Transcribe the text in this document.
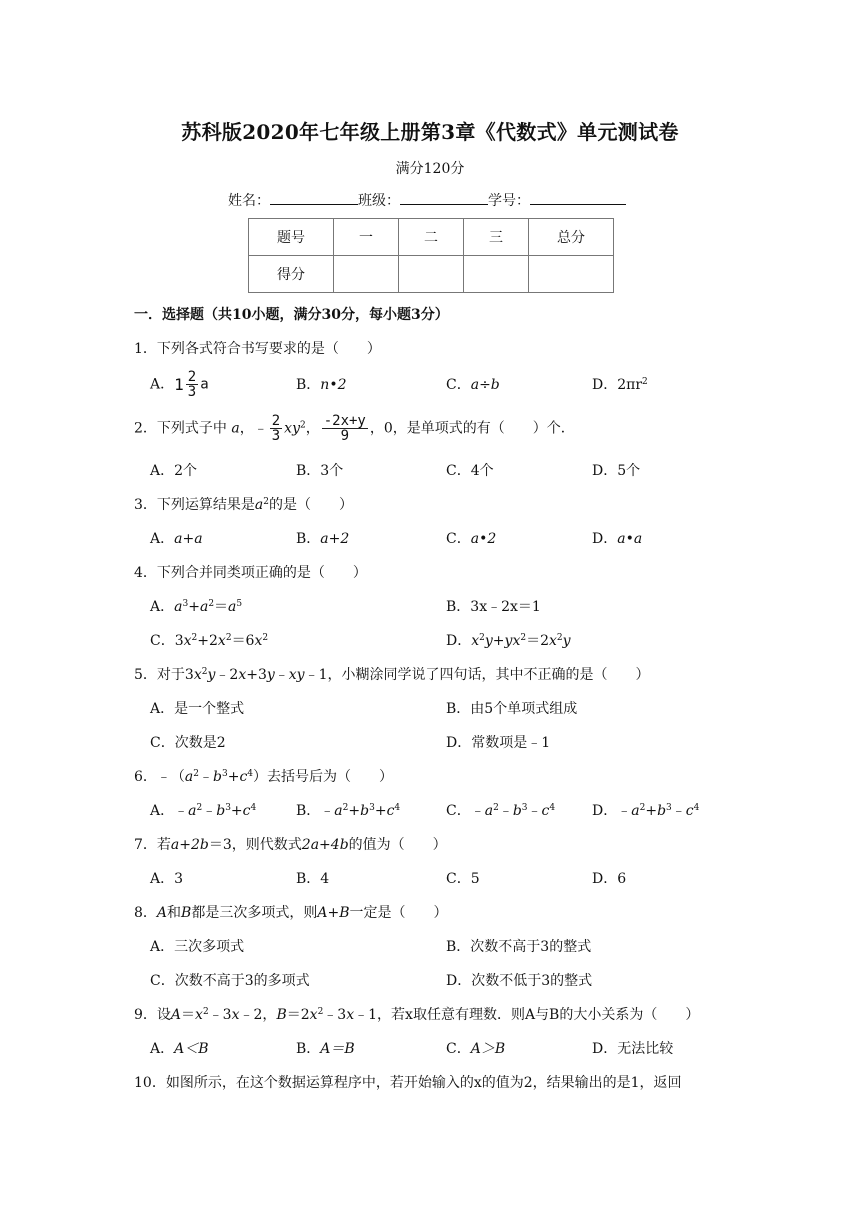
苏科版2020年七年级上册第3章《代数式》单元测试卷
满分120分
姓名：	班级：	学号：
题号	一	二	三	总分
得分				
一．选择题（共10小题，满分30分，每小题3分）
1．下列各式符合书写要求的是（　　）
A．$1 \frac{2}{3}$ a	B．n•2	C．a÷b	D．$2\pi r^2$
2．下列式子中 a，﹣ $\frac{2}{3} xy^2$， $\frac{-2x+y}{9}$ ，0，是单项式的有（　　）个．
A．2个	B．3个	C．4个	D．5个
3．下列运算结果是$a^2$的是（　　）
A．a+a	B．a+2	C．a•2	D．a•a
4．下列合并同类项正确的是（　　）
A．$a^3+a^2=a^5$	B．3x﹣2x＝1
C．$3x^2+2x^2=6x^2$	D．$x^2y+yx^2=2x^2y$
5．对于$3x^2y﹣2x+3y﹣xy﹣1$，小糊涂同学说了四句话，其中不正确的是（　　）
A．是一个整式	B．由5个单项式组成
C．次数是2	D．常数项是﹣1
6．$﹣(a^2﹣b^3+c^4)$去括号后为（　　）
A．$﹣a^2﹣b^3+c^4$	B．$﹣a^2+b^3+c^4$	C．$﹣a^2﹣b^3﹣c^4$	D．$﹣a^2+b^3﹣c^4$
7．若a+2b＝3，则代数式2a+4b的值为（　　）
A．3	B．4	C．5	D．6
8．A和B都是三次多项式，则A+B一定是（　　）
A．三次多项式	B．次数不高于3的整式
C．次数不高于3的多项式	D．次数不低于3的整式
9．设$A=x^2﹣3x﹣2$，$B=2x^2﹣3x﹣1$，若x取任意有理数．则A与B的大小关系为（　　）
A．A＜B	B．A＝B	C．A＞B	D．无法比较
10．如图所示，在这个数据运算程序中，若开始输入的x的值为2，结果输出的是1，返回
